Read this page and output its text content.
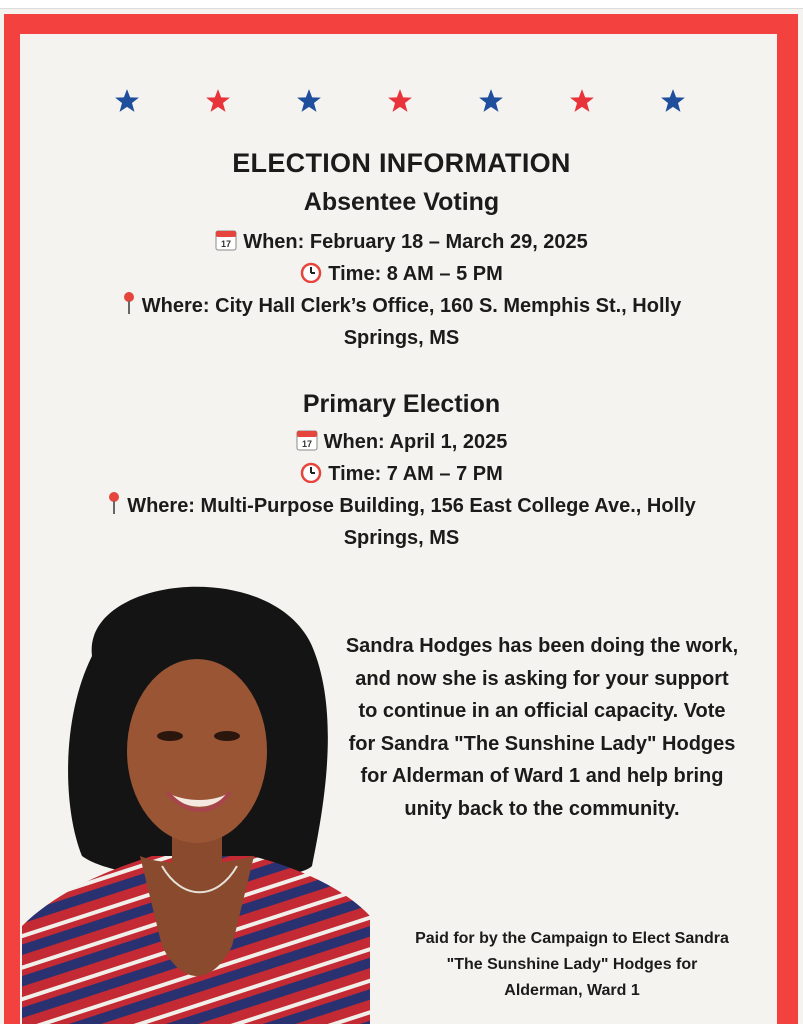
ELECTION INFORMATION
Absentee Voting
17 When: February 18 – March 29, 2025
Time: 8 AM – 5 PM
Where: City Hall Clerk’s Office, 160 S. Memphis St., Holly
Springs, MS
Primary Election
17 When: April 1, 2025
Time: 7 AM – 7 PM
Where: Multi-Purpose Building, 156 East College Ave., Holly
Springs, MS
Sandra Hodges has been doing the work,
and now she is asking for your support
to continue in an official capacity. Vote
for Sandra "The Sunshine Lady" Hodges
for Alderman of Ward 1 and help bring
unity back to the community.
Paid for by the Campaign to Elect Sandra
"The Sunshine Lady" Hodges for
Alderman, Ward 1
